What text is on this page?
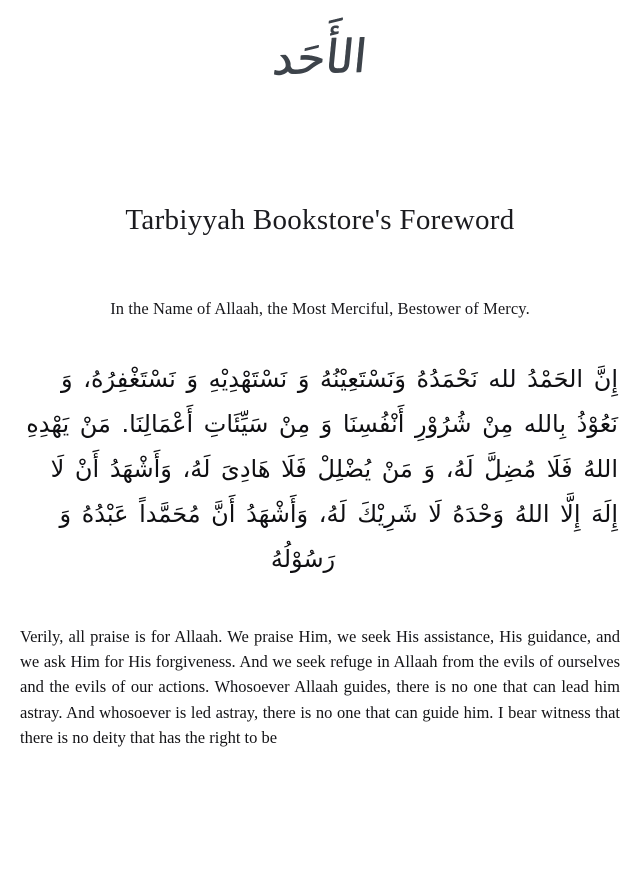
الأَحَد
Tarbiyyah Bookstore's Foreword

In the Name of Allaah, the Most Merciful, Bestower of Mercy.

إِنَّ الحَمْدُ لله نَحْمَدُهُ وَنَسْتَعِيْنُهُ وَ نَسْتَهْدِيْهِ وَ نَسْتَغْفِرُهُ، وَ
نَعُوْذُ بِالله مِنْ شُرُوْرِ أَنْفُسِنَا وَ مِنْ سَيِّئَاتِ أَعْمَالِنَا. مَنْ يَهْدِهِ
اللهُ فَلَا مُضِلَّ لَهُ، وَ مَنْ يُضْلِلْ فَلَا هَادِىَ لَهُ، وَأَشْهَدُ أَنْ لَا
إِلَهَ إِلَّا اللهُ وَحْدَهُ لَا شَرِيْكَ لَهُ، وَأَشْهَدُ أَنَّ مُحَمَّداً عَبْدُهُ وَ
رَسُوْلُهُ

Verily, all praise is for Allaah. We praise Him, we seek His assistance, His guidance, and we ask Him for His forgiveness. And we seek refuge in Allaah from the evils of ourselves and the evils of our actions. Whosoever Allaah guides, there is no one that can lead him astray. And whosoever is led astray, there is no one that can guide him. I bear witness that there is no deity that has the right to be
